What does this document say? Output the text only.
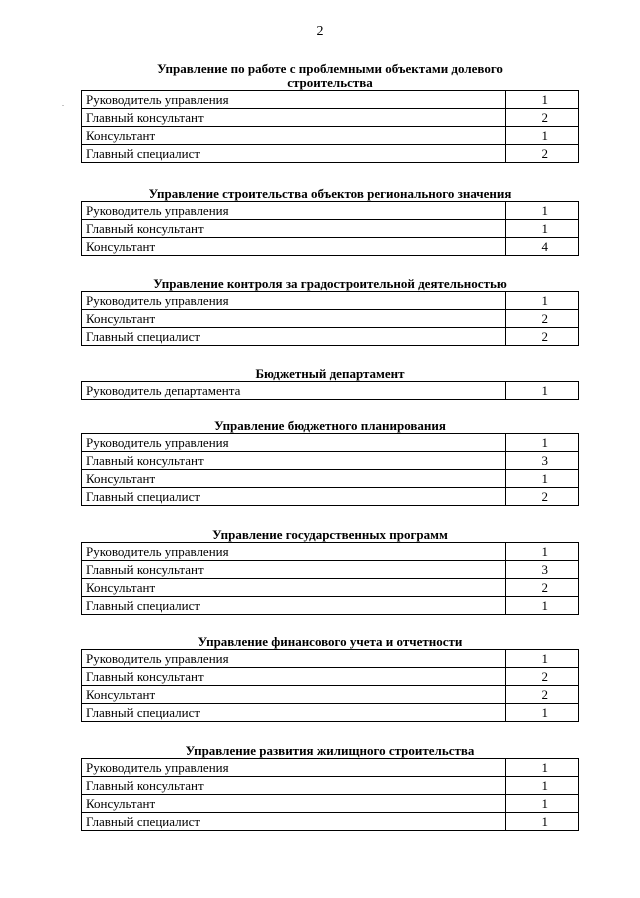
2
.
Управление по работе с проблемными объектами долевого
строительства
Руководитель управления	1
Главный консультант	2
Консультант	1
Главный специалист	2
Управление строительства объектов регионального значения
Руководитель управления	1
Главный консультант	1
Консультант	4
Управление контроля за градостроительной деятельностью
Руководитель управления	1
Консультант	2
Главный специалист	2
Бюджетный департамент
Руководитель департамента	1
Управление бюджетного планирования
Руководитель управления	1
Главный консультант	3
Консультант	1
Главный специалист	2
Управление государственных программ
Руководитель управления	1
Главный консультант	3
Консультант	2
Главный специалист	1
Управление финансового учета и отчетности
Руководитель управления	1
Главный консультант	2
Консультант	2
Главный специалист	1
Управление развития жилищного строительства
Руководитель управления	1
Главный консультант	1
Консультант	1
Главный специалист	1
